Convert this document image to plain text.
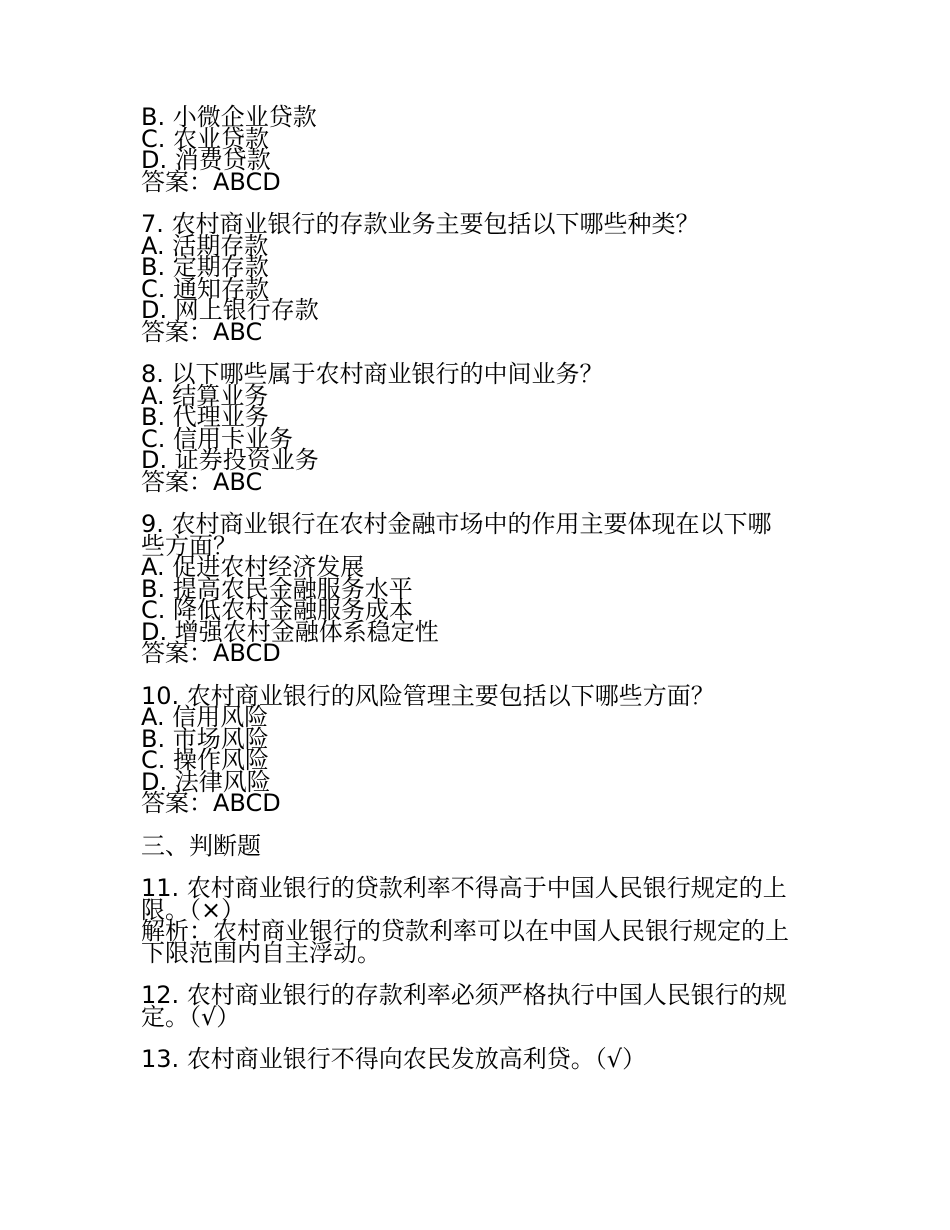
B. 小微企业贷款
C. 农业贷款
D. 消费贷款
答案：ABCD
7. 农村商业银行的存款业务主要包括以下哪些种类？
A. 活期存款
B. 定期存款
C. 通知存款
D. 网上银行存款
答案：ABC
8. 以下哪些属于农村商业银行的中间业务？
A. 结算业务
B. 代理业务
C. 信用卡业务
D. 证券投资业务
答案：ABC
9. 农村商业银行在农村金融市场中的作用主要体现在以下哪
些方面？
A. 促进农村经济发展
B. 提高农民金融服务水平
C. 降低农村金融服务成本
D. 增强农村金融体系稳定性
答案：ABCD
10. 农村商业银行的风险管理主要包括以下哪些方面？
A. 信用风险
B. 市场风险
C. 操作风险
D. 法律风险
答案：ABCD
三、判断题
11. 农村商业银行的贷款利率不得高于中国人民银行规定的上
限。（×）
解析：农村商业银行的贷款利率可以在中国人民银行规定的上
下限范围内自主浮动。
12. 农村商业银行的存款利率必须严格执行中国人民银行的规
定。（√）
13. 农村商业银行不得向农民发放高利贷。（√）
